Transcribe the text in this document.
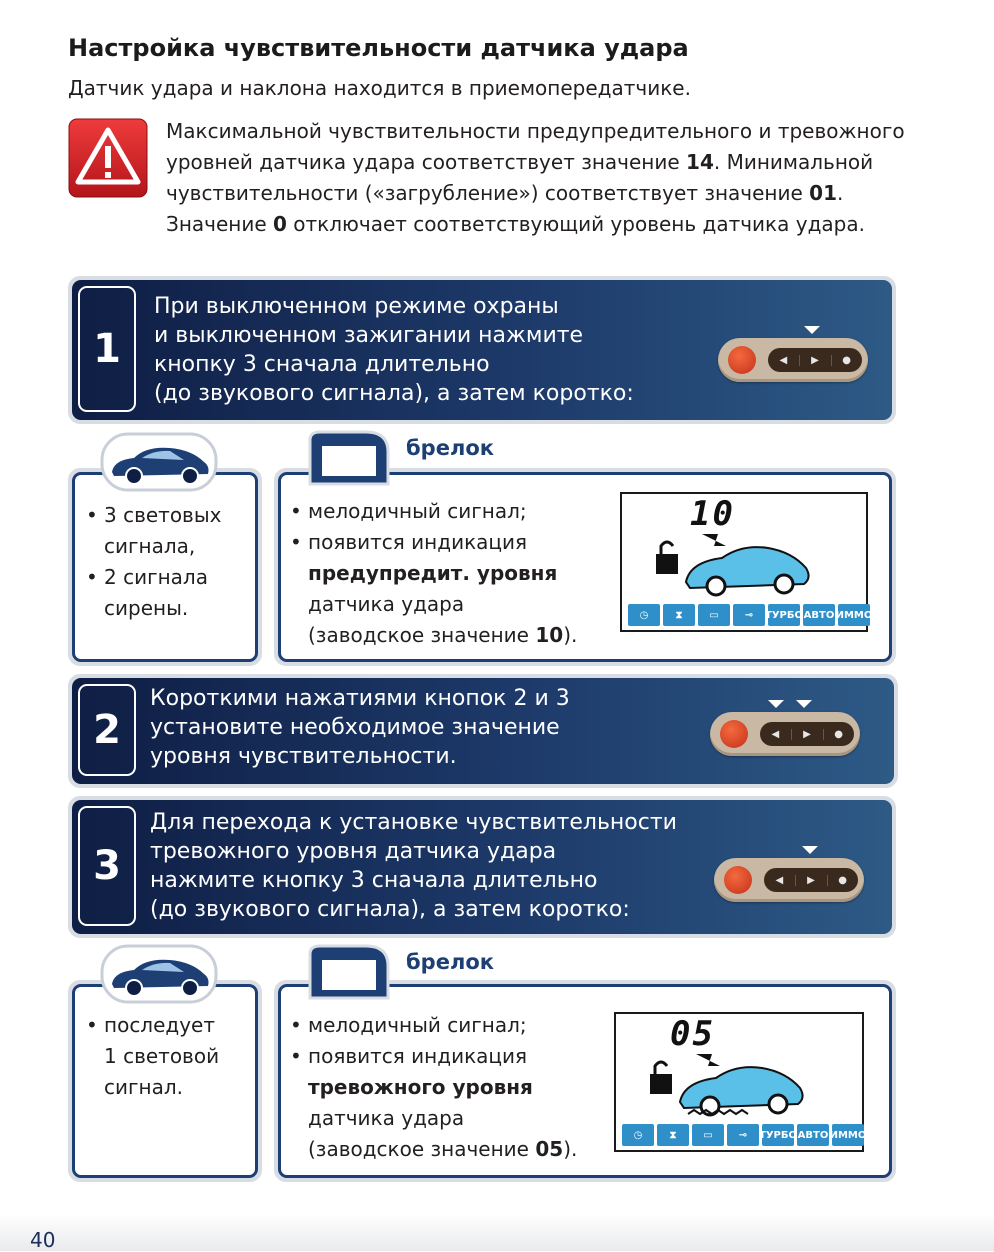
Настройка чувствительности датчика удара
Датчик удара и наклона находится в приемопередатчике.
Максимальной чувствительности предупредительного и тревожного уровней датчика удара соответствует значение 14. Минимальной чувствительности («загрубление») соответствует значение 01. Значение 0 отключает соответствующий уровень датчика удара.
1
При выключенном режиме охраны
и выключенном зажигании нажмите
кнопку 3 сначала длительно
(до звукового сигнала), а затем коротко:
◀	▶	●
• 3 световых сигнала,
• 2 сигнала сирены.
• мелодичный сигнал;
• появится индикация
предупредит. уровня
датчика удара
(заводское значение 10).
10
◷	⧗	▭	⊸	ТУРБО АВТО ИММО
брелок
2
Короткими нажатиями кнопок 2 и 3
установите необходимое значение
уровня чувствительности.
◀	▶	●
3
Для перехода к установке чувствительности
тревожного уровня датчика удара
нажмите кнопку 3 сначала длительно
(до звукового сигнала), а затем коротко:
◀	▶	●
• последует
1 световой
сигнал.
• мелодичный сигнал;
• появится индикация
тревожного уровня
датчика удара
(заводское значение 05).
05
◷	⧗	▭	⊸	ТУРБО АВТО ИММО
брелок
40
